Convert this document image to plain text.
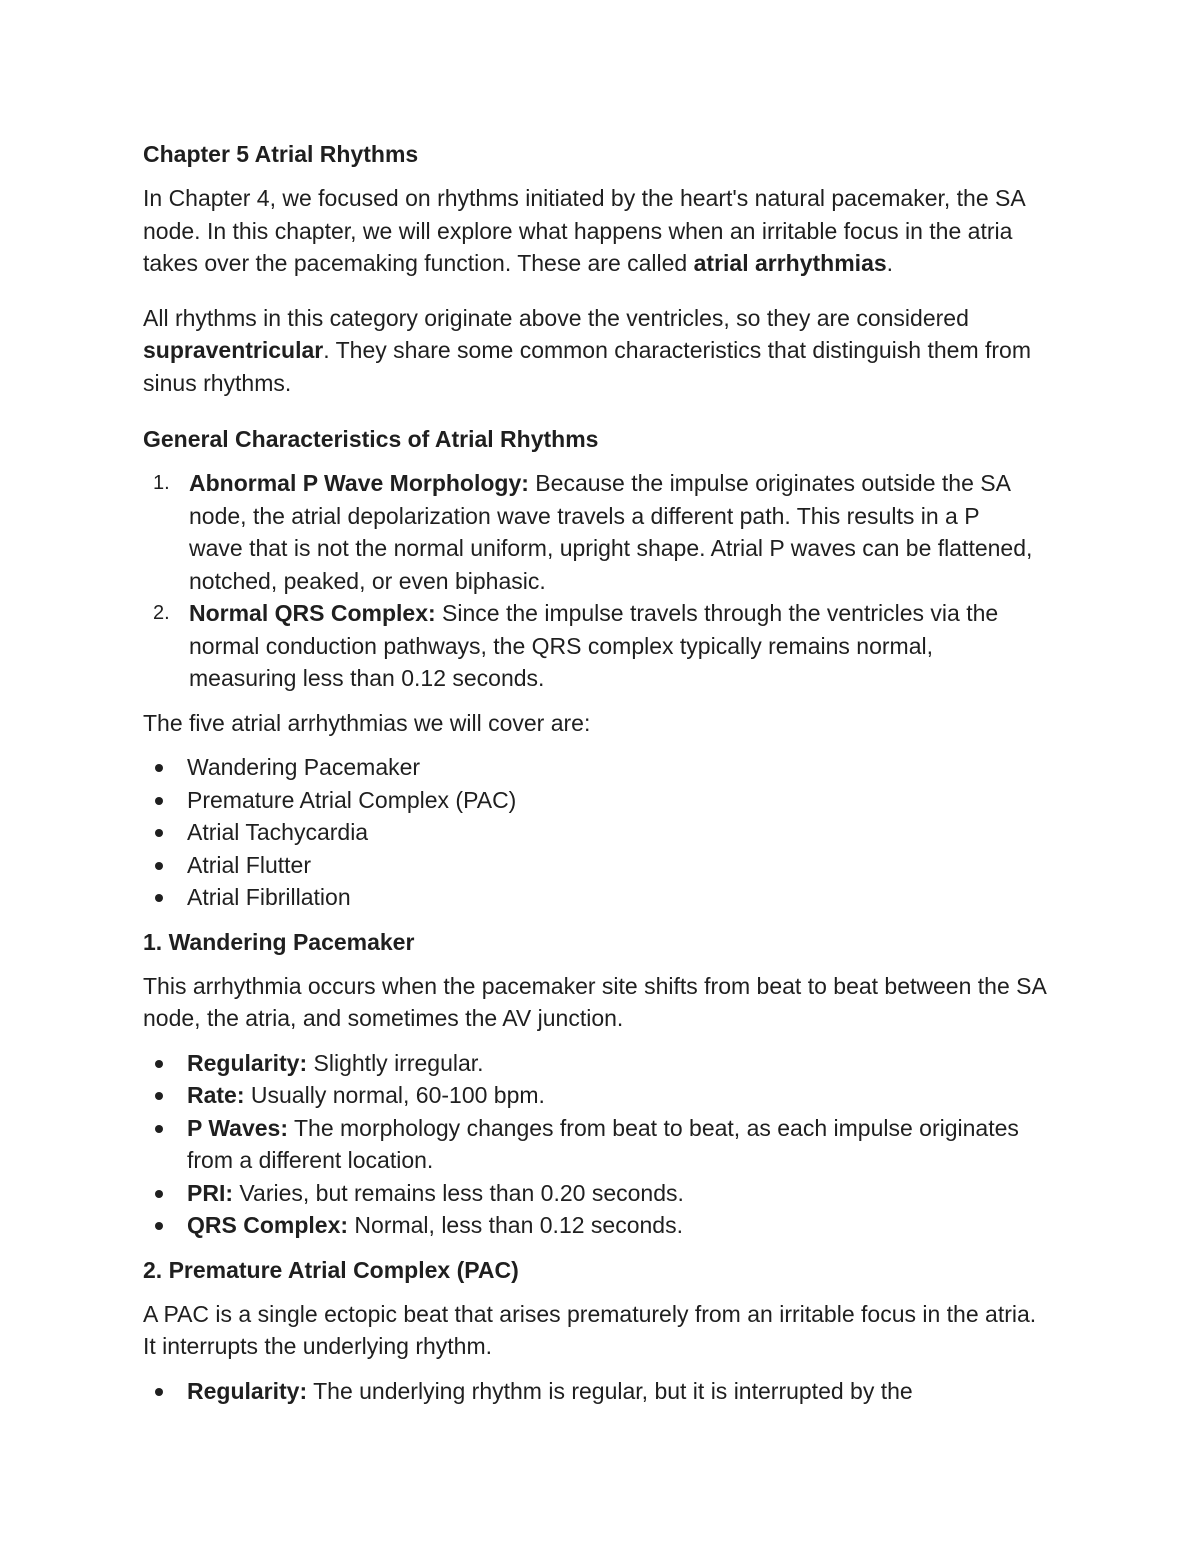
Chapter 5 Atrial Rhythms

In Chapter 4, we focused on rhythms initiated by the heart's natural pacemaker, the SA node. In this chapter, we will explore what happens when an irritable focus in the atria takes over the pacemaking function. These are called atrial arrhythmias.

All rhythms in this category originate above the ventricles, so they are considered supraventricular. They share some common characteristics that distinguish them from sinus rhythms.

General Characteristics of Atrial Rhythms
1. Abnormal P Wave Morphology: Because the impulse originates outside the SA node, the atrial depolarization wave travels a different path. This results in a P wave that is not the normal uniform, upright shape. Atrial P waves can be flattened, notched, peaked, or even biphasic.
2. Normal QRS Complex: Since the impulse travels through the ventricles via the normal conduction pathways, the QRS complex typically remains normal, measuring less than 0.12 seconds.

The five atrial arrhythmias we will cover are:

Wandering Pacemaker
Premature Atrial Complex (PAC)
Atrial Tachycardia
Atrial Flutter
Atrial Fibrillation
1. Wandering Pacemaker

This arrhythmia occurs when the pacemaker site shifts from beat to beat between the SA node, the atria, and sometimes the AV junction.

Regularity: Slightly irregular.
Rate: Usually normal, 60-100 bpm.
P Waves: The morphology changes from beat to beat, as each impulse originates from a different location.
PRI: Varies, but remains less than 0.20 seconds.
QRS Complex: Normal, less than 0.12 seconds.
2. Premature Atrial Complex (PAC)

A PAC is a single ectopic beat that arises prematurely from an irritable focus in the atria. It interrupts the underlying rhythm.

Regularity: The underlying rhythm is regular, but it is interrupted by the
